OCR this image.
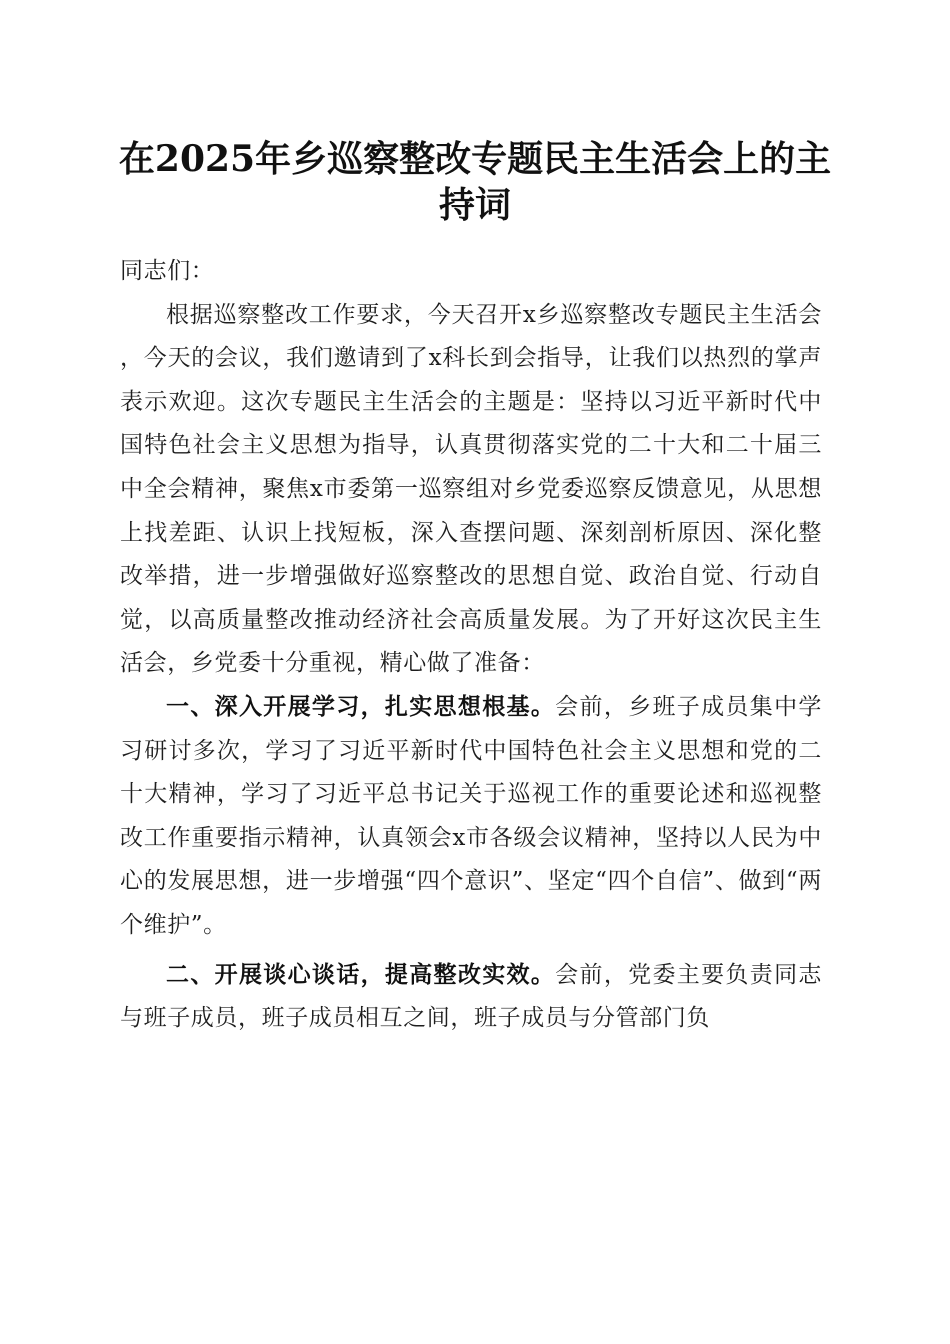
在2025年乡巡察整改专题民主生活会上的主
持词

同志们：

根据巡察整改工作要求，今天召开x乡巡察整改专题民主生活会，今天的会议，我们邀请到了x科长到会指导，让我们以热烈的掌声表示欢迎。这次专题民主生活会的主题是：坚持以习近平新时代中国特色社会主义思想为指导，认真贯彻落实党的二十大和二十届三中全会精神，聚焦x市委第一巡察组对乡党委巡察反馈意见，从思想上找差距、认识上找短板，深入查摆问题、深刻剖析原因、深化整改举措，进一步增强做好巡察整改的思想自觉、政治自觉、行动自觉，以高质量整改推动经济社会高质量发展。为了开好这次民主生活会，乡党委十分重视，精心做了准备：

一、深入开展学习，扎实思想根基。会前，乡班子成员集中学习研讨多次，学习了习近平新时代中国特色社会主义思想和党的二十大精神，学习了习近平总书记关于巡视工作的重要论述和巡视整改工作重要指示精神，认真领会x市各级会议精神，坚持以人民为中心的发展思想，进一步增强“四个意识”、坚定“四个自信”、做到“两个维护”。

二、开展谈心谈话，提高整改实效。会前，党委主要负责同志与班子成员，班子成员相互之间，班子成员与分管部门负
